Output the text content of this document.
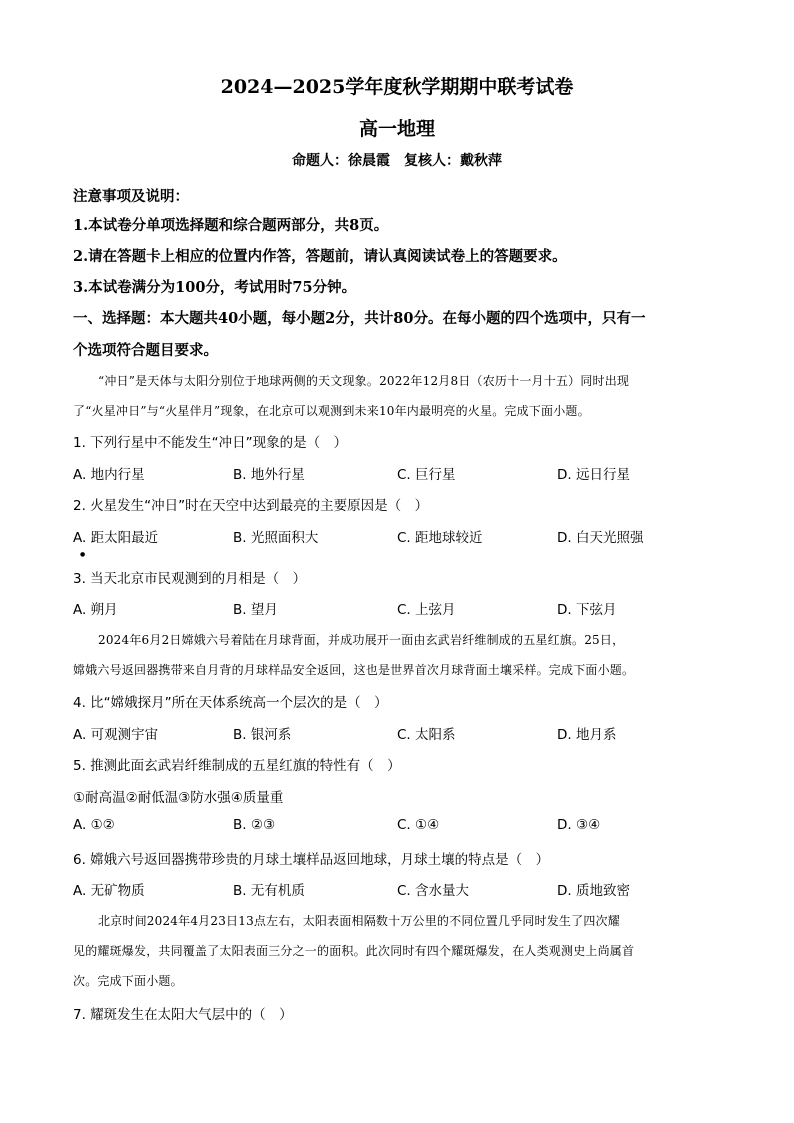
2024—2025学年度秋学期期中联考试卷
高一地理
命题人：徐晨霞　复核人：戴秋萍
注意事项及说明：
1.本试卷分单项选择题和综合题两部分，共8页。
2.请在答题卡上相应的位置内作答，答题前，请认真阅读试卷上的答题要求。
3.本试卷满分为100分，考试用时75分钟。
一、选择题：本大题共40小题，每小题2分，共计80分。在每小题的四个选项中，只有一
个选项符合题目要求。
“冲日”是天体与太阳分别位于地球两侧的天文现象。2022年12月8日（农历十一月十五）同时出现
了“火星冲日”与“火星伴月”现象，在北京可以观测到未来10年内最明亮的火星。完成下面小题。
1. 下列行星中不能发生“冲日”现象的是（　）
A. 地内行星	B. 地外行星	C. 巨行星	D. 远日行星
2. 火星发生“冲日”时在天空中达到最亮的主要原因是（　）
A. 距太阳最近	B. 光照面积大	C. 距地球较近	D. 白天光照强
●
3. 当天北京市民观测到的月相是（　）
A. 朔月	B. 望月	C. 上弦月	D. 下弦月
2024年6月2日嫦娥六号着陆在月球背面，并成功展开一面由玄武岩纤维制成的五星红旗。25日，
嫦娥六号返回器携带来自月背的月球样品安全返回，这也是世界首次月球背面土壤采样。完成下面小题。
4. 比“嫦娥探月”所在天体系统高一个层次的是（　）
A. 可观测宇宙	B. 银河系	C. 太阳系	D. 地月系
5. 推测此面玄武岩纤维制成的五星红旗的特性有（　）
①耐高温②耐低温③防水强④质量重
A. ①②	B. ②③	C. ①④	D. ③④
6. 嫦娥六号返回器携带珍贵的月球土壤样品返回地球，月球土壤的特点是（　）
A. 无矿物质	B. 无有机质	C. 含水量大	D. 质地致密
北京时间2024年4月23日13点左右，太阳表面相隔数十万公里的不同位置几乎同时发生了四次耀
见的耀斑爆发，共同覆盖了太阳表面三分之一的面积。此次同时有四个耀斑爆发，在人类观测史上尚属首
次。完成下面小题。
7. 耀斑发生在太阳大气层中的（　）
